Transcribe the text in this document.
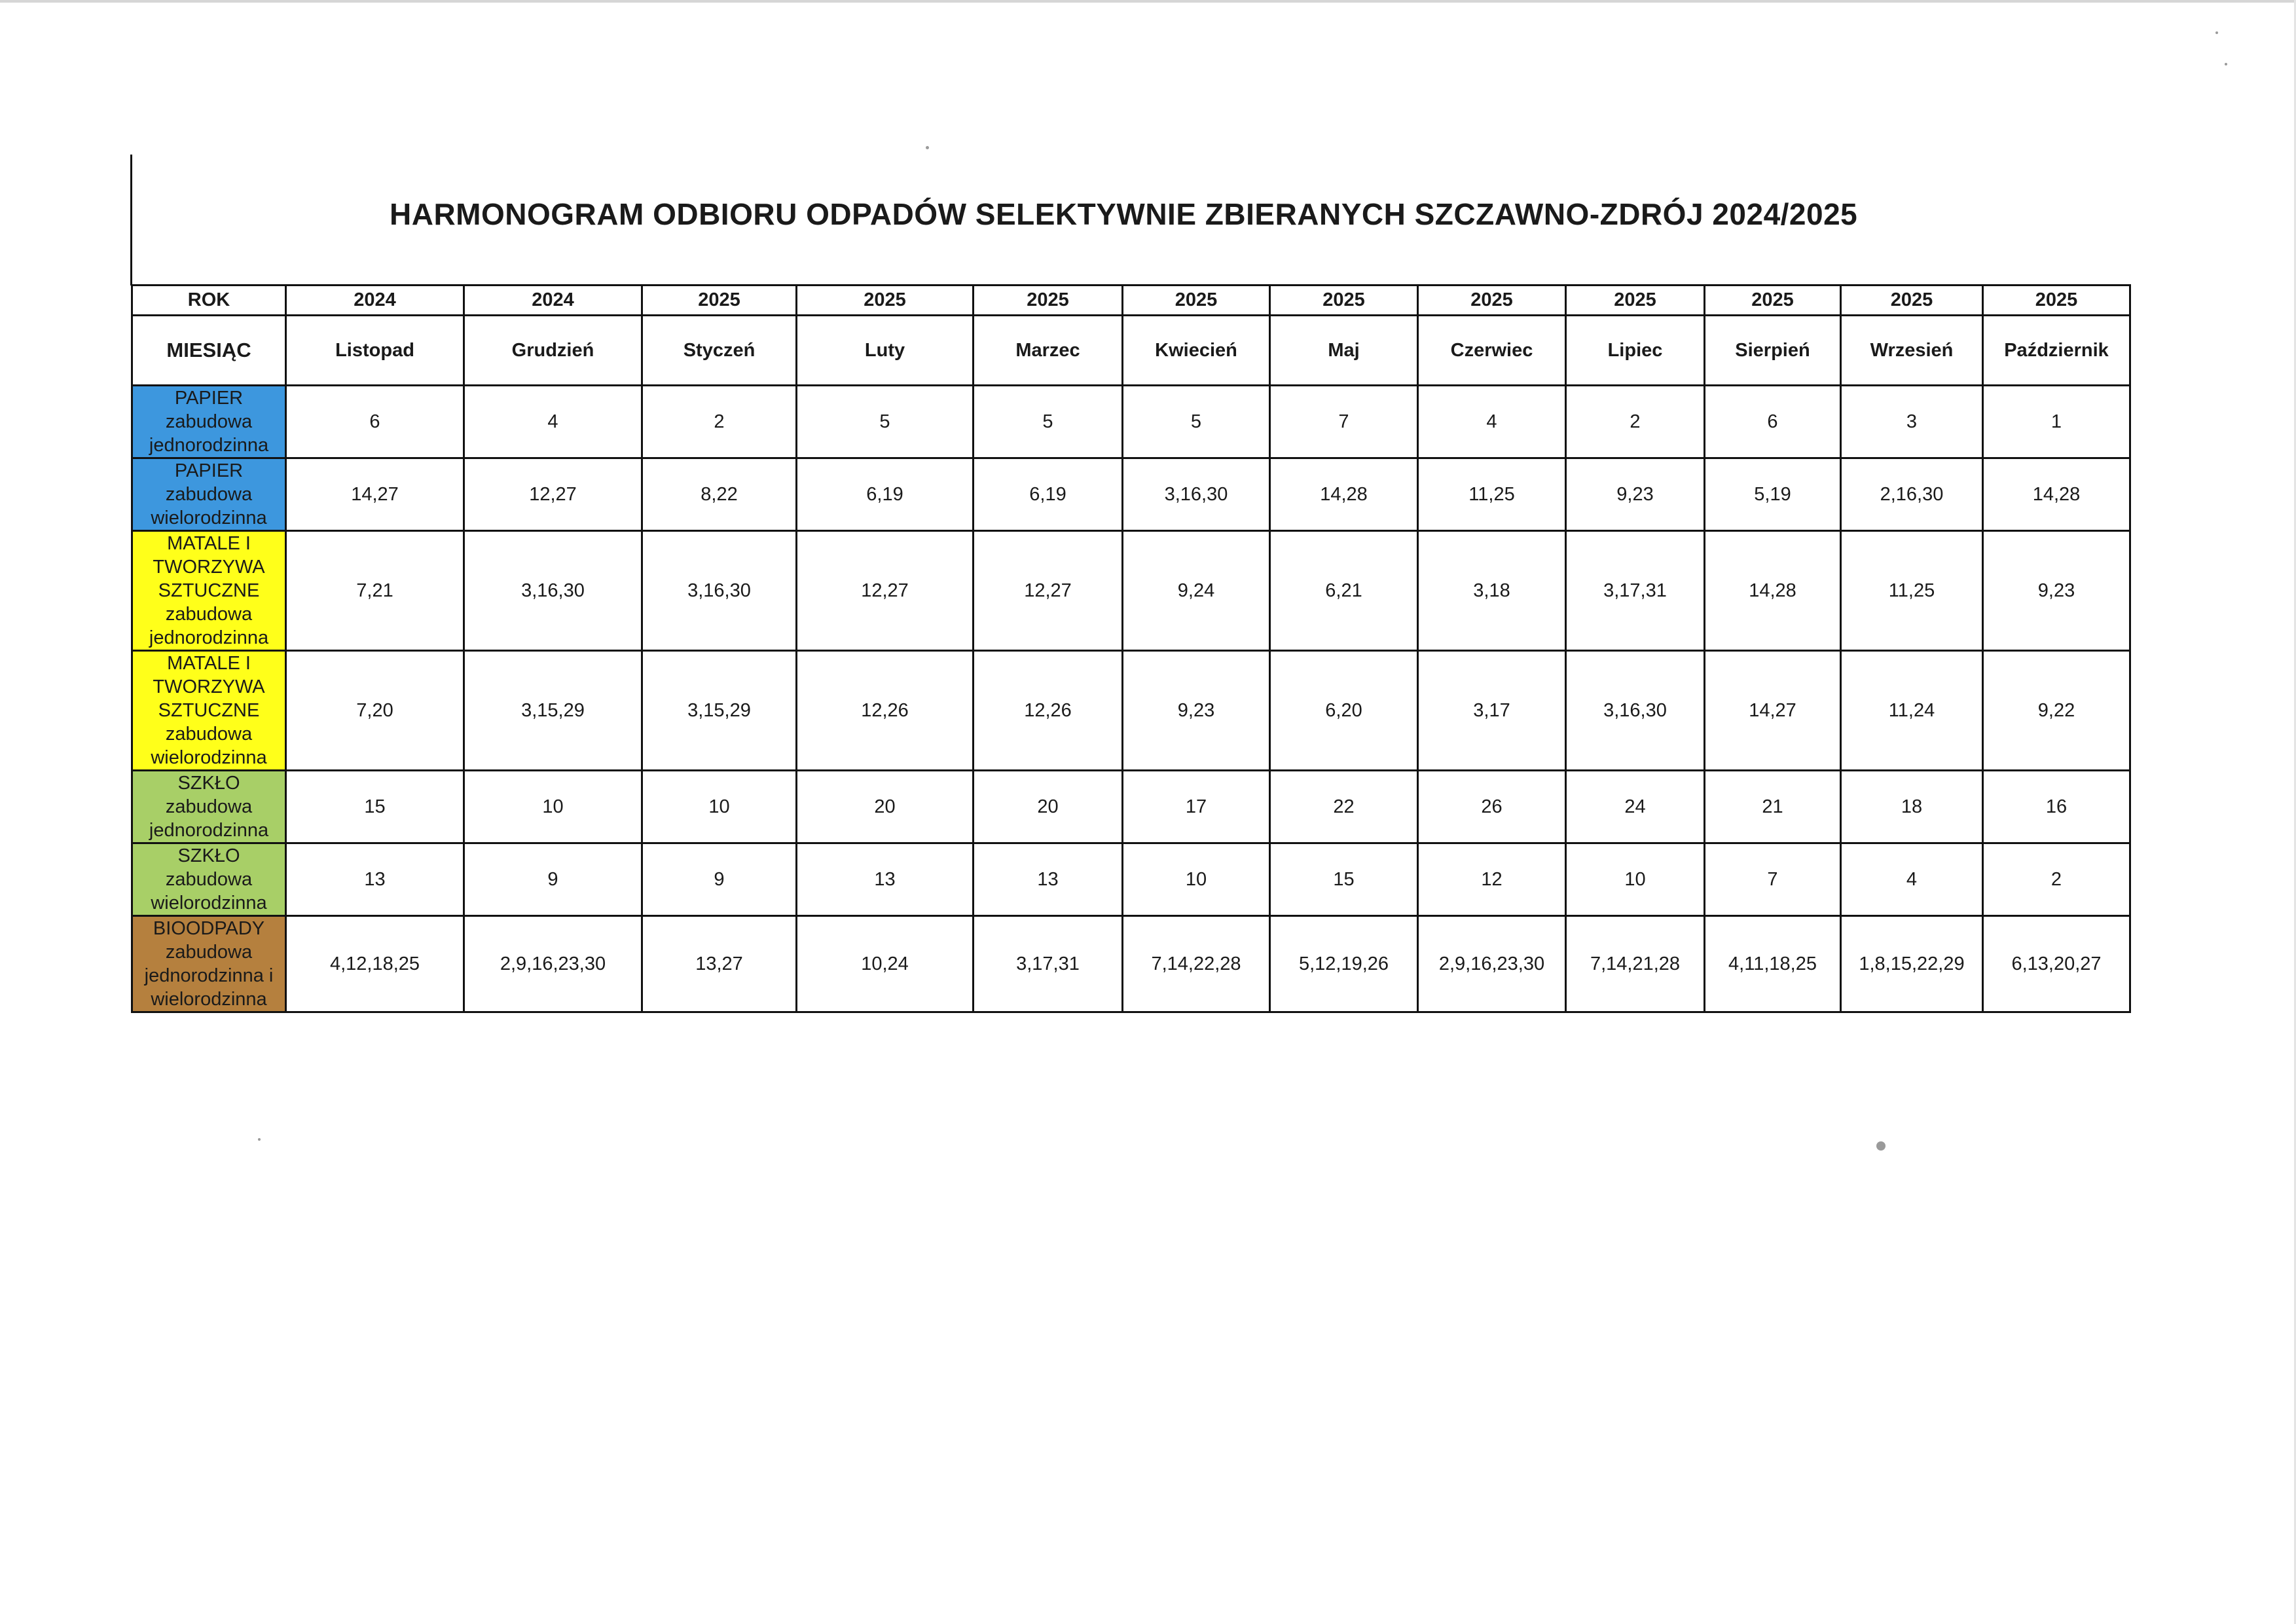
HARMONOGRAM ODBIORU ODPADÓW SELEKTYWNIE ZBIERANYCH SZCZAWNO-ZDRÓJ 2024/2025
ROK	2024	2024	2025	2025	2025	2025	2025	2025	2025	2025	2025	2025
MIESIĄC	Listopad	Grudzień	Styczeń	Luty	Marzec	Kwiecień	Maj	Czerwiec	Lipiec	Sierpień	Wrzesień	Październik

PAPIER
zabudowa
jednorodzinna	6	4	2	5	5	5	7	4	2	6	3	1

PAPIER
zabudowa
wielorodzinna	14,27	12,27	8,22	6,19	6,19	3,16,30	14,28	11,25	9,23	5,19	2,16,30	14,28

MATALE I
TWORZYWA
SZTUCZNE
zabudowa
jednorodzinna	7,21	3,16,30	3,16,30	12,27	12,27	9,24	6,21	3,18	3,17,31	14,28	11,25	9,23

MATALE I
TWORZYWA
SZTUCZNE
zabudowa
wielorodzinna	7,20	3,15,29	3,15,29	12,26	12,26	9,23	6,20	3,17	3,16,30	14,27	11,24	9,22

SZKŁO
zabudowa
jednorodzinna	15	10	10	20	20	17	22	26	24	21	18	16

SZKŁO
zabudowa
wielorodzinna	13	9	9	13	13	10	15	12	10	7	4	2

BIOODPADY
zabudowa
jednorodzinna i
wielorodzinna	4,12,18,25	2,9,16,23,30	13,27	10,24	3,17,31	7,14,22,28	5,12,19,26	2,9,16,23,30	7,14,21,28	4,11,18,25	1,8,15,22,29	6,13,20,27
